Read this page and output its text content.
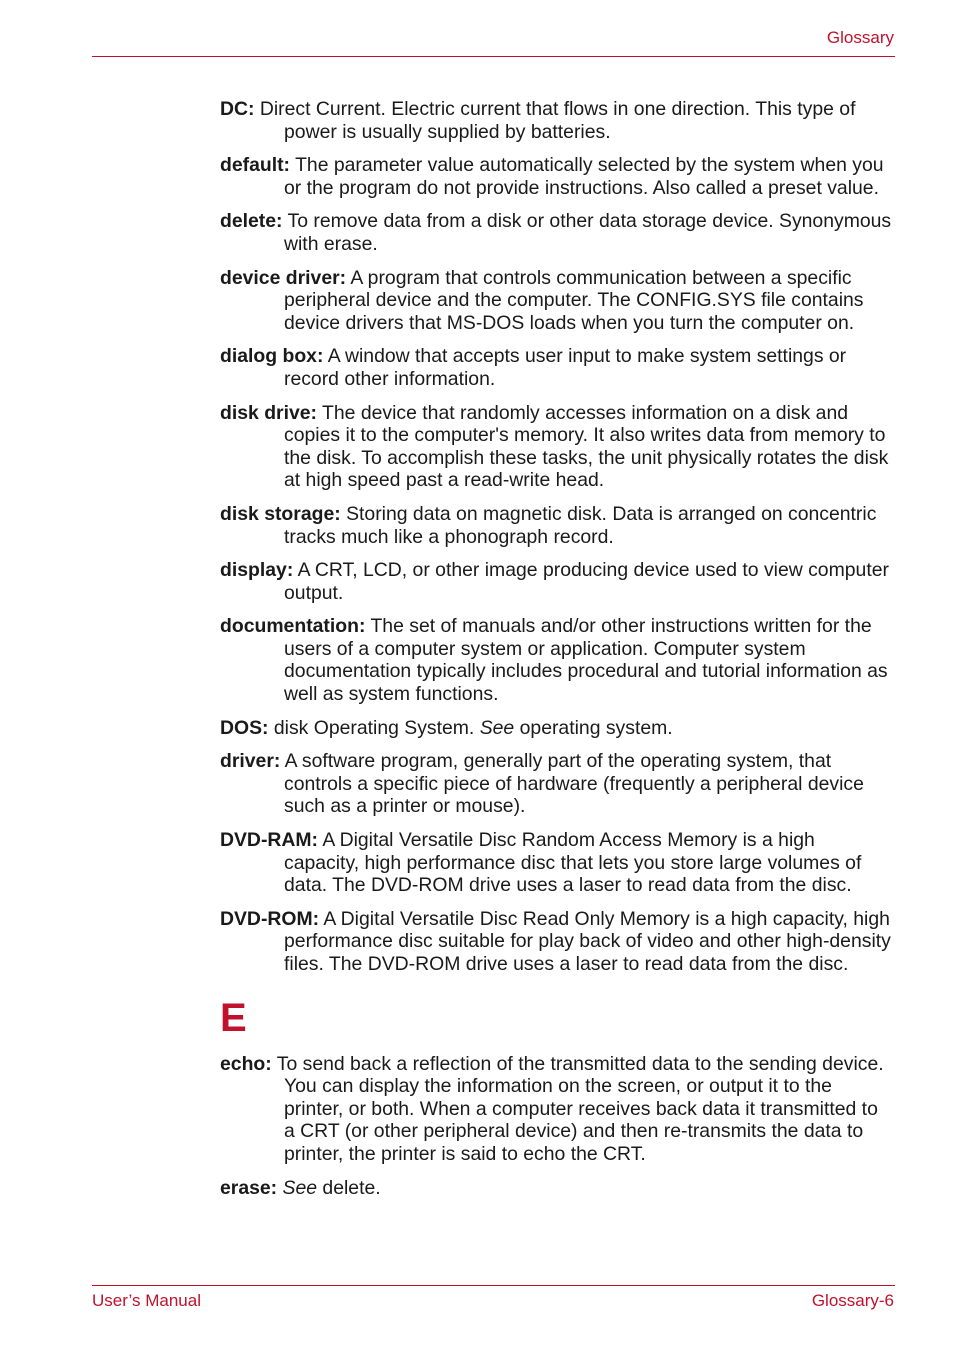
Glossary

DC: Direct Current. Electric current that flows in one direction. This type of power is usually supplied by batteries.

default: The parameter value automatically selected by the system when you or the program do not provide instructions. Also called a preset value.

delete: To remove data from a disk or other data storage device. Synonymous with erase.

device driver: A program that controls communication between a specific peripheral device and the computer. The CONFIG.SYS file contains device drivers that MS-DOS loads when you turn the computer on.

dialog box: A window that accepts user input to make system settings or record other information.

disk drive: The device that randomly accesses information on a disk and copies it to the computer's memory. It also writes data from memory to the disk. To accomplish these tasks, the unit physically rotates the disk at high speed past a read-write head.

disk storage: Storing data on magnetic disk. Data is arranged on concentric tracks much like a phonograph record.

display: A CRT, LCD, or other image producing device used to view computer output.

documentation: The set of manuals and/or other instructions written for the users of a computer system or application. Computer system documentation typically includes procedural and tutorial information as well as system functions.

DOS: disk Operating System. See operating system.

driver: A software program, generally part of the operating system, that controls a specific piece of hardware (frequently a peripheral device such as a printer or mouse).

DVD-RAM: A Digital Versatile Disc Random Access Memory is a high capacity, high performance disc that lets you store large volumes of data. The DVD-ROM drive uses a laser to read data from the disc.

DVD-ROM: A Digital Versatile Disc Read Only Memory is a high capacity, high performance disc suitable for play back of video and other high-density files. The DVD-ROM drive uses a laser to read data from the disc.

E

echo: To send back a reflection of the transmitted data to the sending device. You can display the information on the screen, or output it to the printer, or both. When a computer receives back data it transmitted to a CRT (or other peripheral device) and then re-transmits the data to printer, the printer is said to echo the CRT.

erase: See delete.

User’s Manual	Glossary-6
